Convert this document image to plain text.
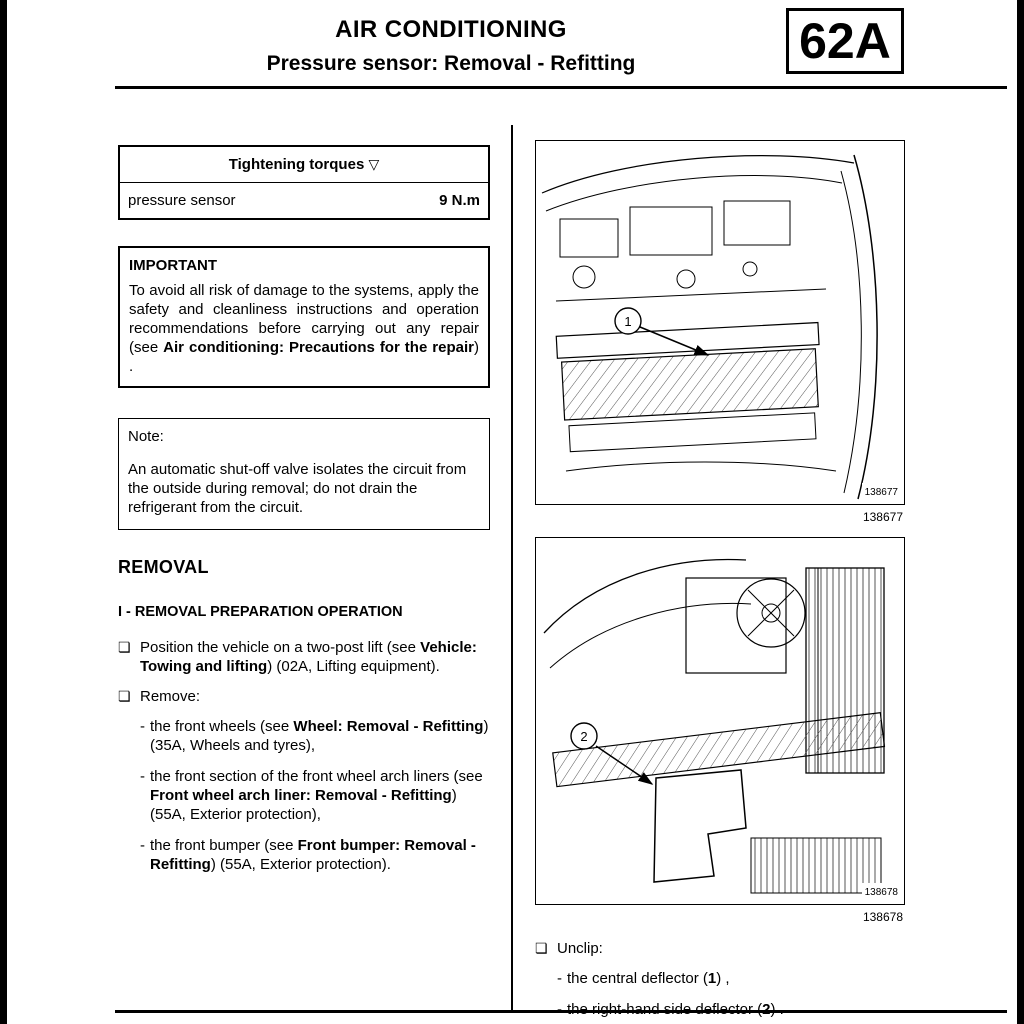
AIR CONDITIONING
Pressure sensor: Removal - Refitting	62A
Tightening torques ▽
pressure sensor	9 N.m
IMPORTANT
To avoid all risk of damage to the systems, apply the safety and cleanliness instructions and operation recommendations before carrying out any repair (see Air conditioning: Precautions for the repair) .
Note:
An automatic shut-off valve isolates the circuit from the outside during removal; do not drain the refrigerant from the circuit.
REMOVAL
I - REMOVAL PREPARATION OPERATION
❏ Position the vehicle on a two-post lift (see Vehicle: Towing and lifting) (02A, Lifting equipment).
❏ Remove:
- the front wheels (see Wheel: Removal - Refitting) (35A, Wheels and tyres),
- the front section of the front wheel arch liners (see Front wheel arch liner: Removal - Refitting) (55A, Exterior protection),
- the front bumper (see Front bumper: Removal - Refitting) (55A, Exterior protection).
1
138677
138677
2
138678
138678
❏ Unclip:
- the central deflector (1) ,
- the right-hand side deflector (2) .
